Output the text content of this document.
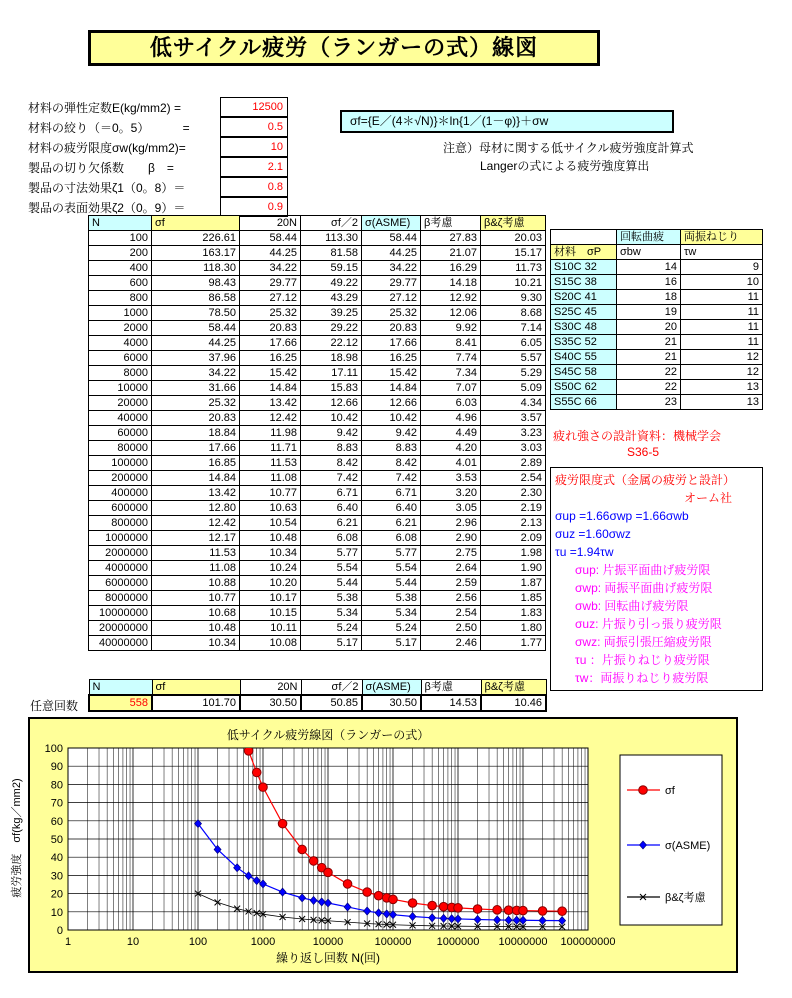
低サイクル疲労（ランガーの式）線図
材料の弾性定数E(kg/mm2) =	12500
材料の絞り（＝0。5）　　　 =	0.5
材料の疲労限度σw(kg/mm2)=	10
製品の切り欠係数　　β　=	2.1
製品の寸法効果ζ1（0。8）＝	0.8
製品の表面効果ζ2（0。9）＝	0.9
σf={E／(4＊√N)}＊ln{1／(1－φ)}＋σw
注意）母材に関する低サイクル疲労強度計算式
Langerの式による疲労強度算出
N	σf	20N	σf／2	σ(ASME)	β考慮	β&ζ考慮
100	226.61	58.44	113.30	58.44	27.83	20.03
200	163.17	44.25	81.58	44.25	21.07	15.17
400	118.30	34.22	59.15	34.22	16.29	11.73
600	98.43	29.77	49.22	29.77	14.18	10.21
800	86.58	27.12	43.29	27.12	12.92	9.30
1000	78.50	25.32	39.25	25.32	12.06	8.68
2000	58.44	20.83	29.22	20.83	9.92	7.14
4000	44.25	17.66	22.12	17.66	8.41	6.05
6000	37.96	16.25	18.98	16.25	7.74	5.57
8000	34.22	15.42	17.11	15.42	7.34	5.29
10000	31.66	14.84	15.83	14.84	7.07	5.09
20000	25.32	13.42	12.66	12.66	6.03	4.34
40000	20.83	12.42	10.42	10.42	4.96	3.57
60000	18.84	11.98	9.42	9.42	4.49	3.23
80000	17.66	11.71	8.83	8.83	4.20	3.03
100000	16.85	11.53	8.42	8.42	4.01	2.89
200000	14.84	11.08	7.42	7.42	3.53	2.54
400000	13.42	10.77	6.71	6.71	3.20	2.30
600000	12.80	10.63	6.40	6.40	3.05	2.19
800000	12.42	10.54	6.21	6.21	2.96	2.13
1000000	12.17	10.48	6.08	6.08	2.90	2.09
2000000	11.53	10.34	5.77	5.77	2.75	1.98
4000000	11.08	10.24	5.54	5.54	2.64	1.90
6000000	10.88	10.20	5.44	5.44	2.59	1.87
8000000	10.77	10.17	5.38	5.38	2.56	1.85
10000000	10.68	10.15	5.34	5.34	2.54	1.83
20000000	10.48	10.11	5.24	5.24	2.50	1.80
40000000	10.34	10.08	5.17	5.17	2.46	1.77
任意回数
N	σf	20N	σf／2	σ(ASME)	β考慮	β&ζ考慮
558	101.70	30.50	50.85	30.50	14.53	10.46
	回転曲疲	両振ねじり
材料　σP	σbw	τw
S10C 32	14	9
S15C 38	16	10
S20C 41	18	11
S25C 45	19	11
S30C 48	20	11
S35C 52	21	11
S40C 55	21	12
S45C 58	22	12
S50C 62	22	13
S55C 66	23	13
疲れ強さの設計資料：機械学会
S36-5
疲労限度式（金属の疲労と設計）
オーム社
σup =1.66σwp =1.66σwb
σuz =1.60σwz
τu =1.94τw
σup: 片振平面曲げ疲労限
σwp: 両振平面曲げ疲労限
σwb: 回転曲げ疲労限
σuz: 片振り引っ張り疲労限
σwz: 両振引張圧縮疲労限
τu ：片振りねじり疲労限
τw：両振りねじり疲労限
疲労強度　σf(kg／mm2)
0
10
20
30
40
50
60
70
80
90
100
1	10	100	1000	10000	100000 1000000 10000000 100000000
低サイクル疲労線図（ランガーの式）
繰り返し回数 N(回)
σf
σ(ASME)
β&ζ考慮
